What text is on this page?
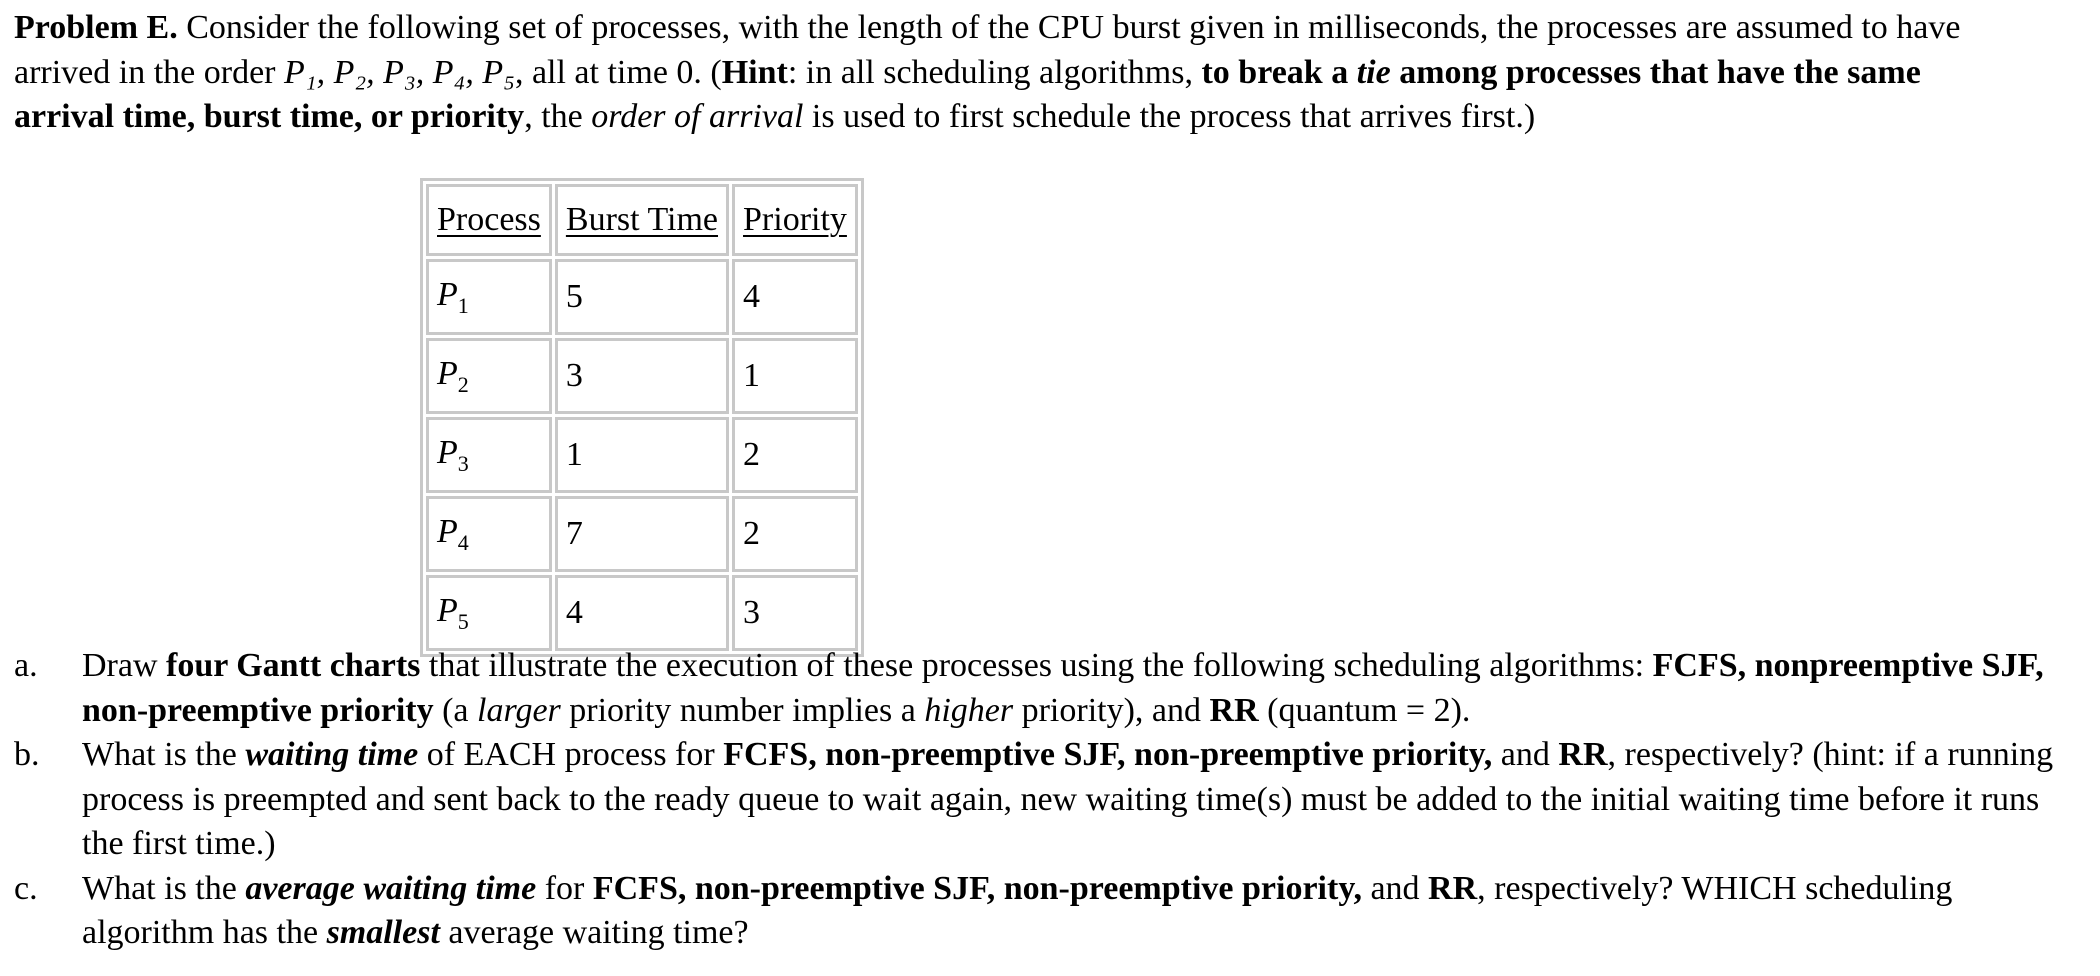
Problem E. Consider the following set of processes, with the length of the CPU burst given in milliseconds, the processes are assumed to have arrived in the order P₁, P₂, P₃, P₄, P₅, all at time 0. (Hint: in all scheduling algorithms, to break a tie among processes that have the same arrival time, burst time, or priority, the order of arrival is used to first schedule the process that arrives first.)

Process	Burst Time	Priority
$P_1$	5	4
$P_2$	3	1
$P_3$	1	2
$P_4$	7	2
$P_5$	4	3
a. Draw four Gantt charts that illustrate the execution of these processes using the following scheduling algorithms: FCFS, nonpreemptive SJF, non-preemptive priority (a larger priority number implies a higher priority), and RR (quantum = 2).
b. What is the waiting time of EACH process for FCFS, non-preemptive SJF, non-preemptive priority, and RR, respectively? (hint: if a running process is preempted and sent back to the ready queue to wait again, new waiting time(s) must be added to the initial waiting time before it runs the first time.)
c. What is the average waiting time for FCFS, non-preemptive SJF, non-preemptive priority, and RR, respectively? WHICH scheduling algorithm has the smallest average waiting time?
